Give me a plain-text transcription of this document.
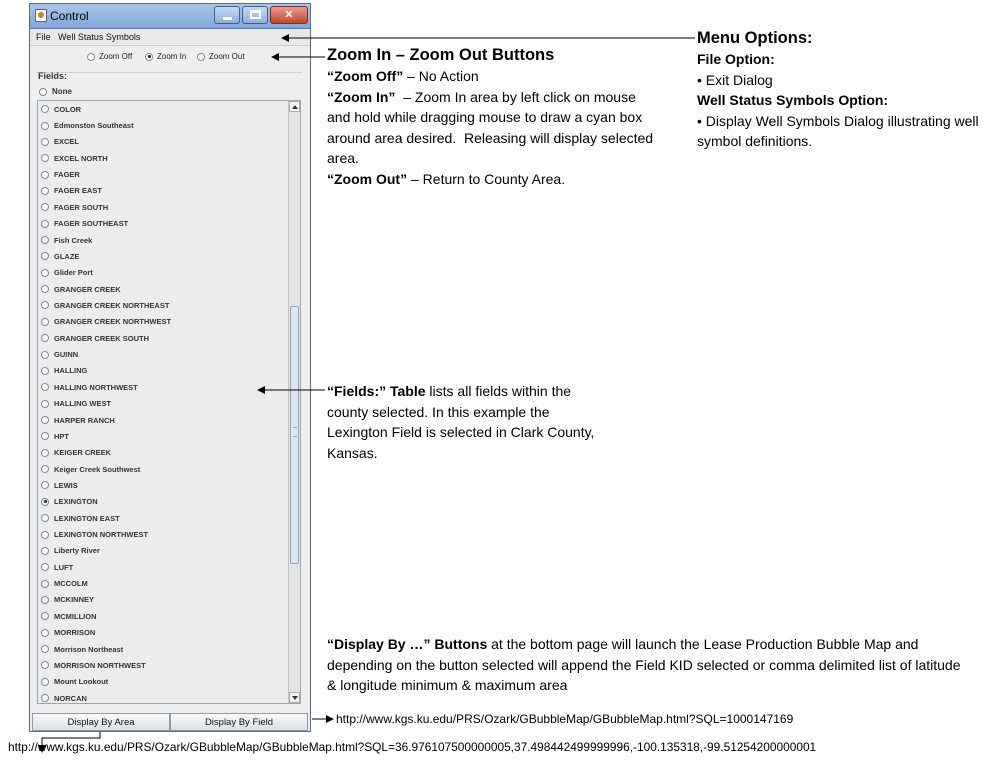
Control	✕
File Well Status Symbols
Zoom Off	Zoom In	Zoom Out
Fields:
None
COLOR
Edmonston Southeast
EXCEL
EXCEL NORTH
FAGER
FAGER EAST
FAGER SOUTH
FAGER SOUTHEAST
Fish Creek
GLAZE
Glider Port
GRANGER CREEK
GRANGER CREEK NORTHEAST
GRANGER CREEK NORTHWEST
GRANGER CREEK SOUTH
GUINN
HALLING
HALLING NORTHWEST
HALLING WEST
HARPER RANCH
HPT
KEIGER CREEK
Keiger Creek Southwest
LEWIS
LEXINGTON
LEXINGTON EAST
LEXINGTON NORTHWEST
Liberty River
LUFT
MCCOLM
MCKINNEY
MCMILLION
MORRISON
Morrison Northeast
MORRISON NORTHWEST
Mount Lookout
NORCAN
Display By Area	Display By Field
Zoom In – Zoom Out Buttons
“Zoom Off” – No Action
“Zoom In”  – Zoom In area by left click on mouse and hold while dragging mouse to draw a cyan box around area desired.  Releasing will display selected area.
“Zoom Out” – Return to County Area.
Menu Options:
File Option:
• Exit Dialog
Well Status Symbols Option:
• Display Well Symbols Dialog illustrating well symbol definitions.
“Fields:” Table lists all fields within the county selected. In this example the Lexington Field is selected in Clark County, Kansas.
“Display By …” Buttons at the bottom page will launch the Lease Production Bubble Map and depending on the button selected will append the Field KID selected or comma delimited list of latitude & longitude minimum & maximum area
http://www.kgs.ku.edu/PRS/Ozark/GBubbleMap/GBubbleMap.html?SQL=1000147169
http://www.kgs.ku.edu/PRS/Ozark/GBubbleMap/GBubbleMap.html?SQL=36.976107500000005,37.498442499999996,-100.135318,-99.51254200000001
